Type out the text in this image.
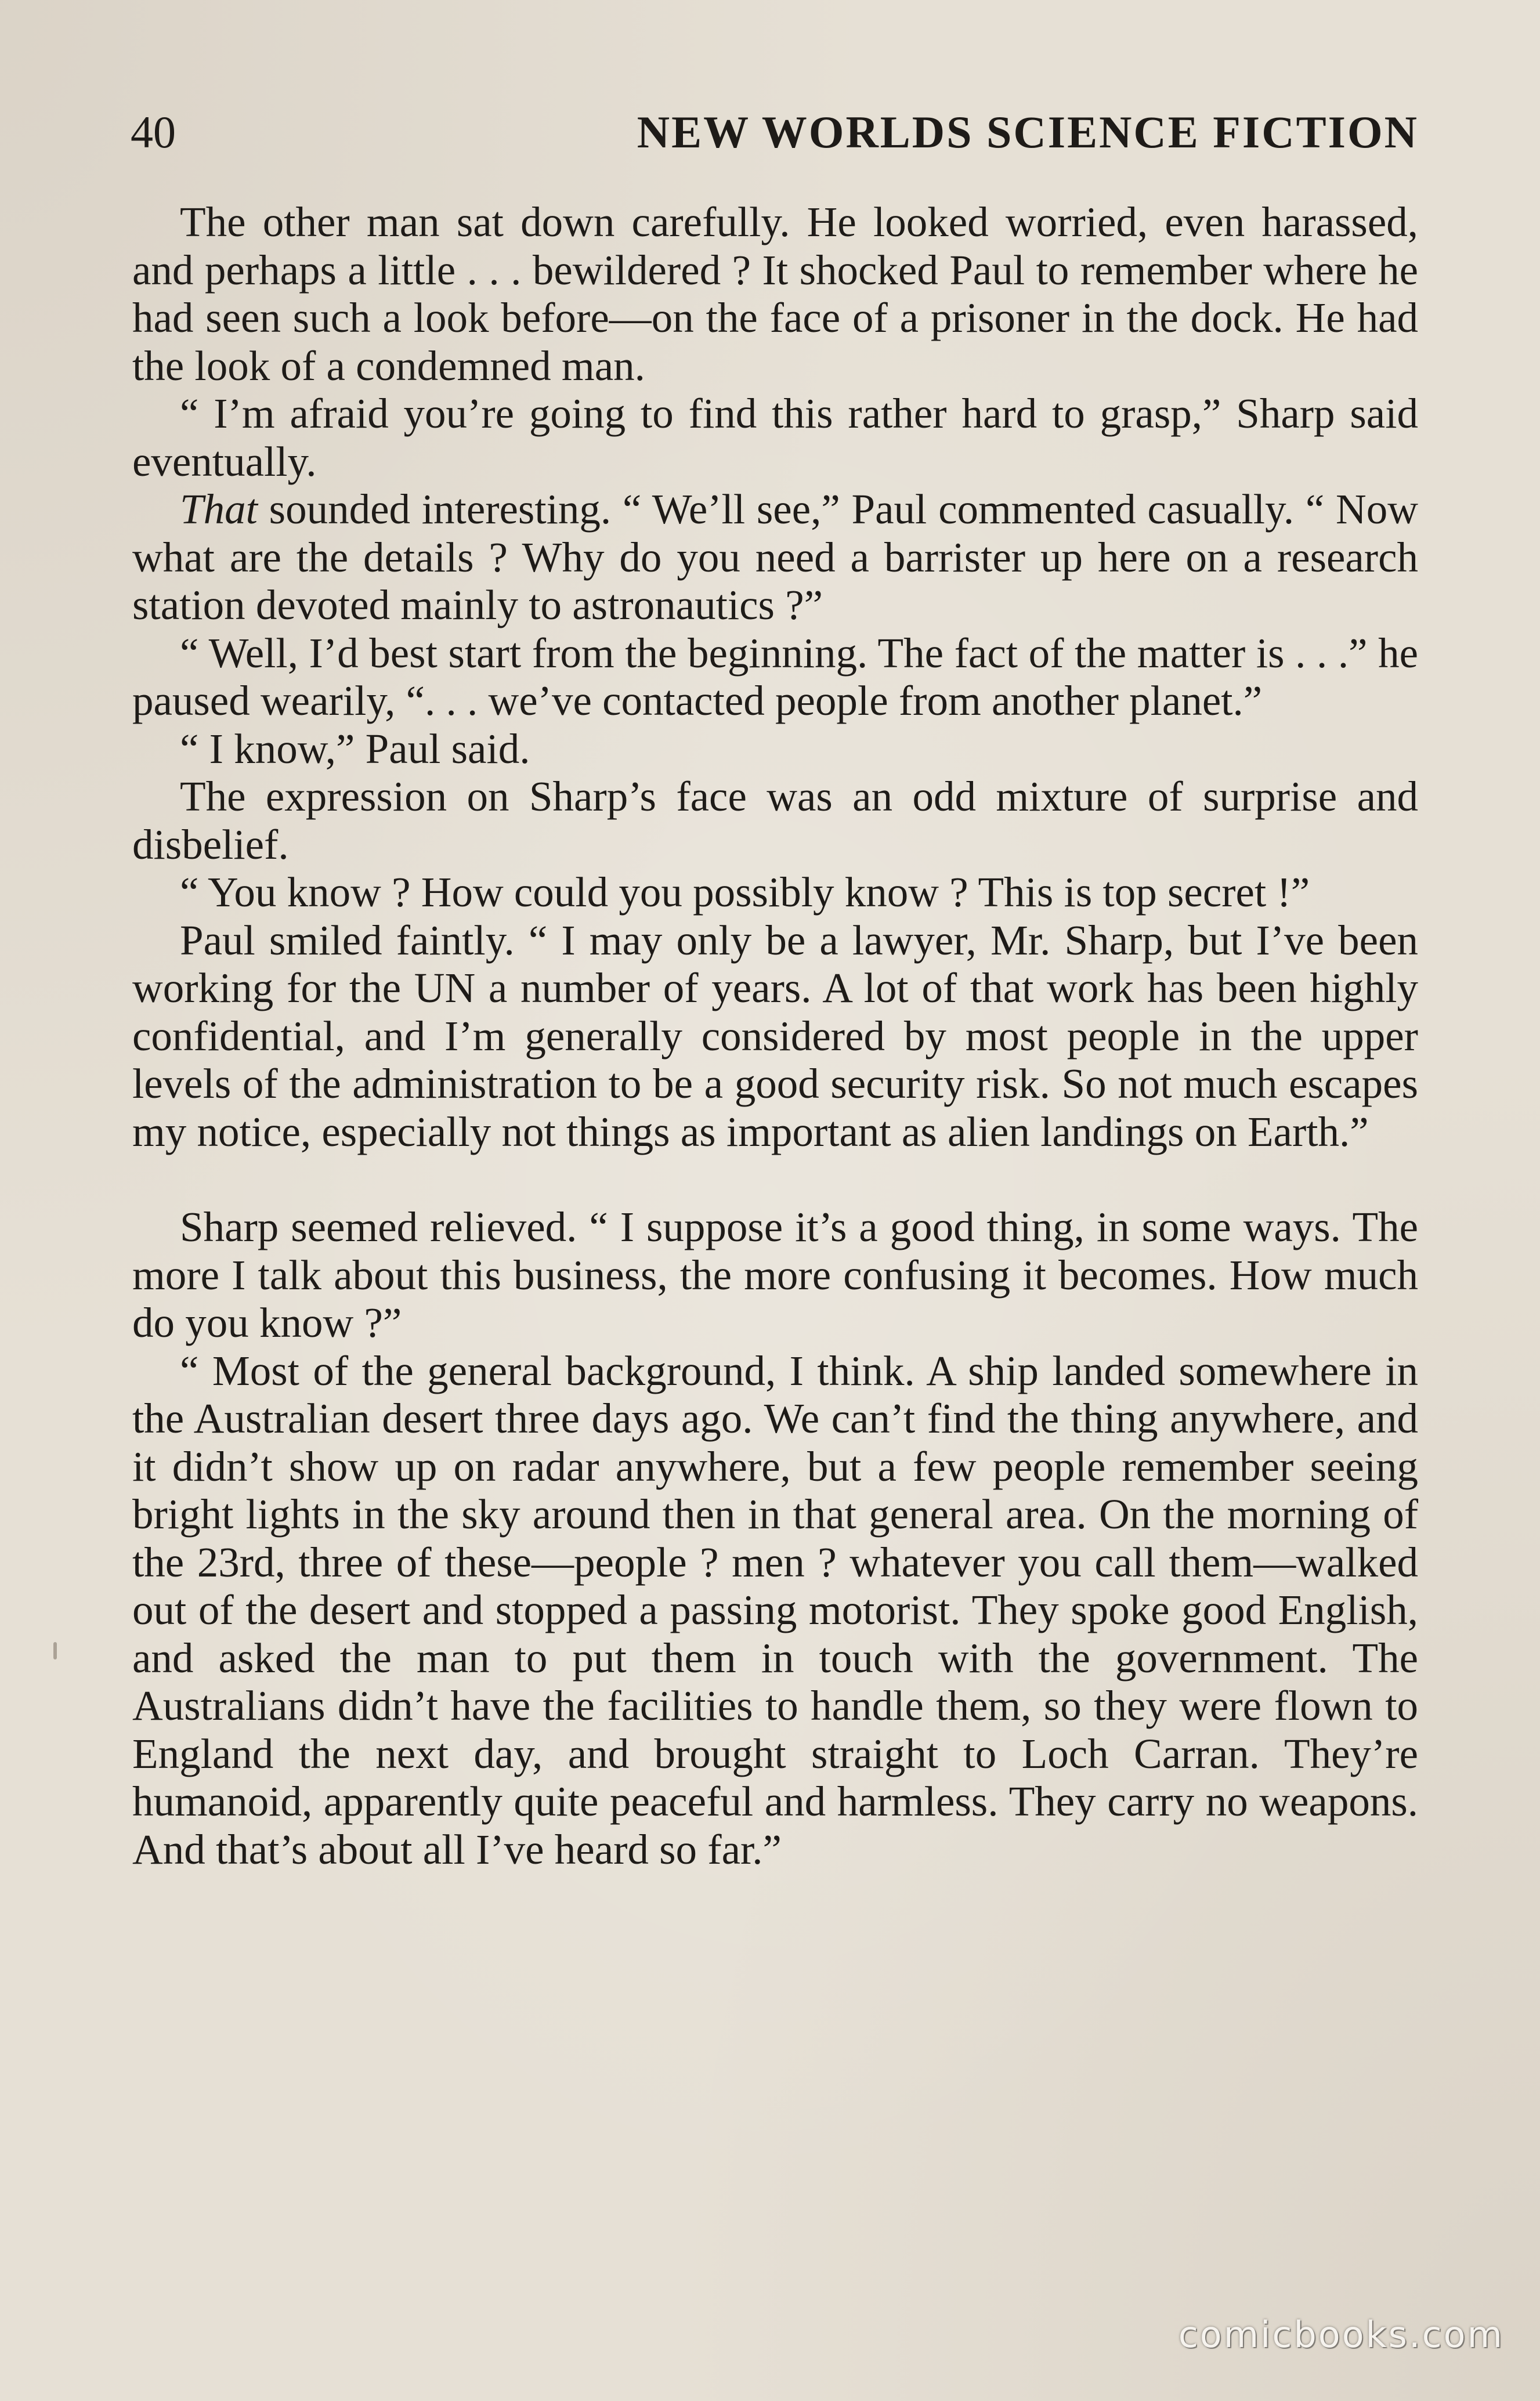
40	NEW WORLDS SCIENCE FICTION

The other man sat down carefully. He looked worried, even harassed, and perhaps a little . . . bewildered ? It shocked Paul to remember where he had seen such a look before—on the face of a prisoner in the dock. He had the look of a condemned man.

“ I’m afraid you’re going to find this rather hard to grasp,” Sharp said eventually.

That sounded interesting. “ We’ll see,” Paul commented casually. “ Now what are the details ? Why do you need a barrister up here on a research station devoted mainly to astronautics ?”

“ Well, I’d best start from the beginning. The fact of the matter is . . .” he paused wearily, “. . . we’ve contacted people from another planet.”

“ I know,” Paul said.

The expression on Sharp’s face was an odd mixture of surprise and disbelief.

“ You know ? How could you possibly know ? This is top secret !”

Paul smiled faintly. “ I may only be a lawyer, Mr. Sharp, but I’ve been working for the UN a number of years. A lot of that work has been highly confidential, and I’m generally considered by most people in the upper levels of the administration to be a good security risk. So not much escapes my notice, especially not things as important as alien landings on Earth.”

Sharp seemed relieved. “ I suppose it’s a good thing, in some ways. The more I talk about this business, the more confusing it becomes. How much do you know ?”

“ Most of the general background, I think. A ship landed somewhere in the Australian desert three days ago. We can’t find the thing anywhere, and it didn’t show up on radar anywhere, but a few people remember seeing bright lights in the sky around then in that general area. On the morning of the 23rd, three of these—people ? men ? whatever you call them—walked out of the desert and stopped a passing motorist. They spoke good English, and asked the man to put them in touch with the government. The Australians didn’t have the facilities to handle them, so they were flown to England the next day, and brought straight to Loch Carran. They’re humanoid, apparently quite peaceful and harmless. They carry no weapons. And that’s about all I’ve heard so far.”

comicbooks.com
